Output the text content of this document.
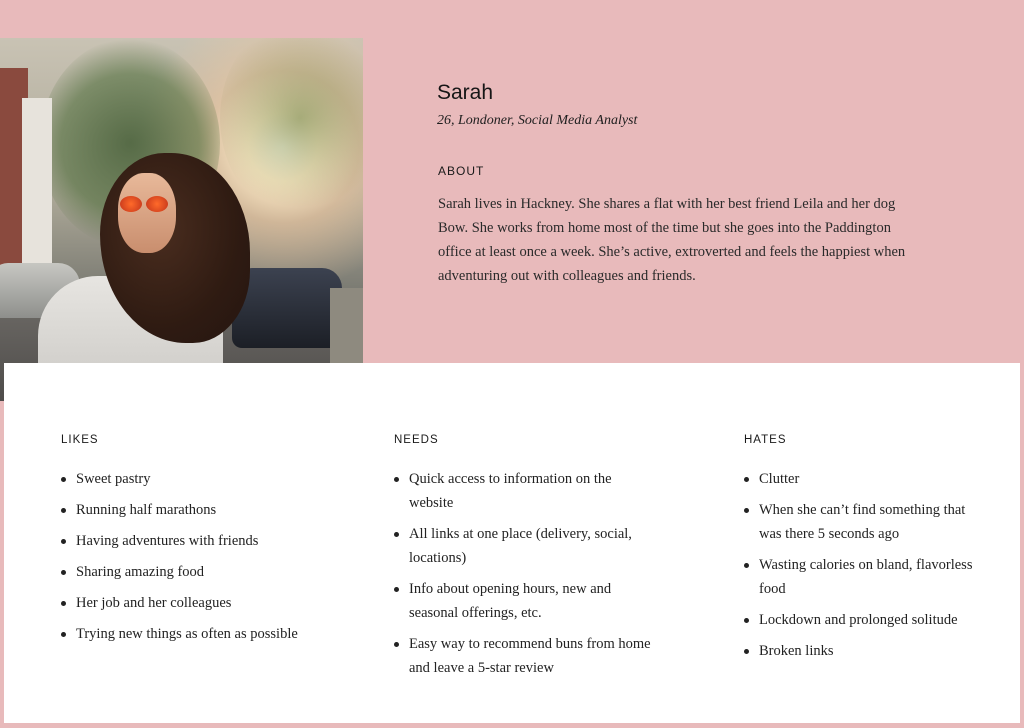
Sarah
26, Londoner, Social Media Analyst
ABOUT
Sarah lives in Hackney. She shares a flat with her best friend Leila and her dog Bow. She works from home most of the time but she goes into the Paddington office at least once a week. She’s active, extroverted and feels the happiest when adventuring out with colleagues and friends.
LIKES
Sweet pastry
Running half marathons
Having adventures with friends
Sharing amazing food
Her job and her colleagues
Trying new things as often as possible
NEEDS
Quick access to information on the website
All links at one place (delivery, social, locations)
Info about opening hours, new and seasonal offerings, etc.
Easy way to recommend buns from home and leave a 5-star review
HATES
Clutter
When she can’t find something that was there 5 seconds ago
Wasting calories on bland, flavorless food
Lockdown and prolonged solitude
Broken links
